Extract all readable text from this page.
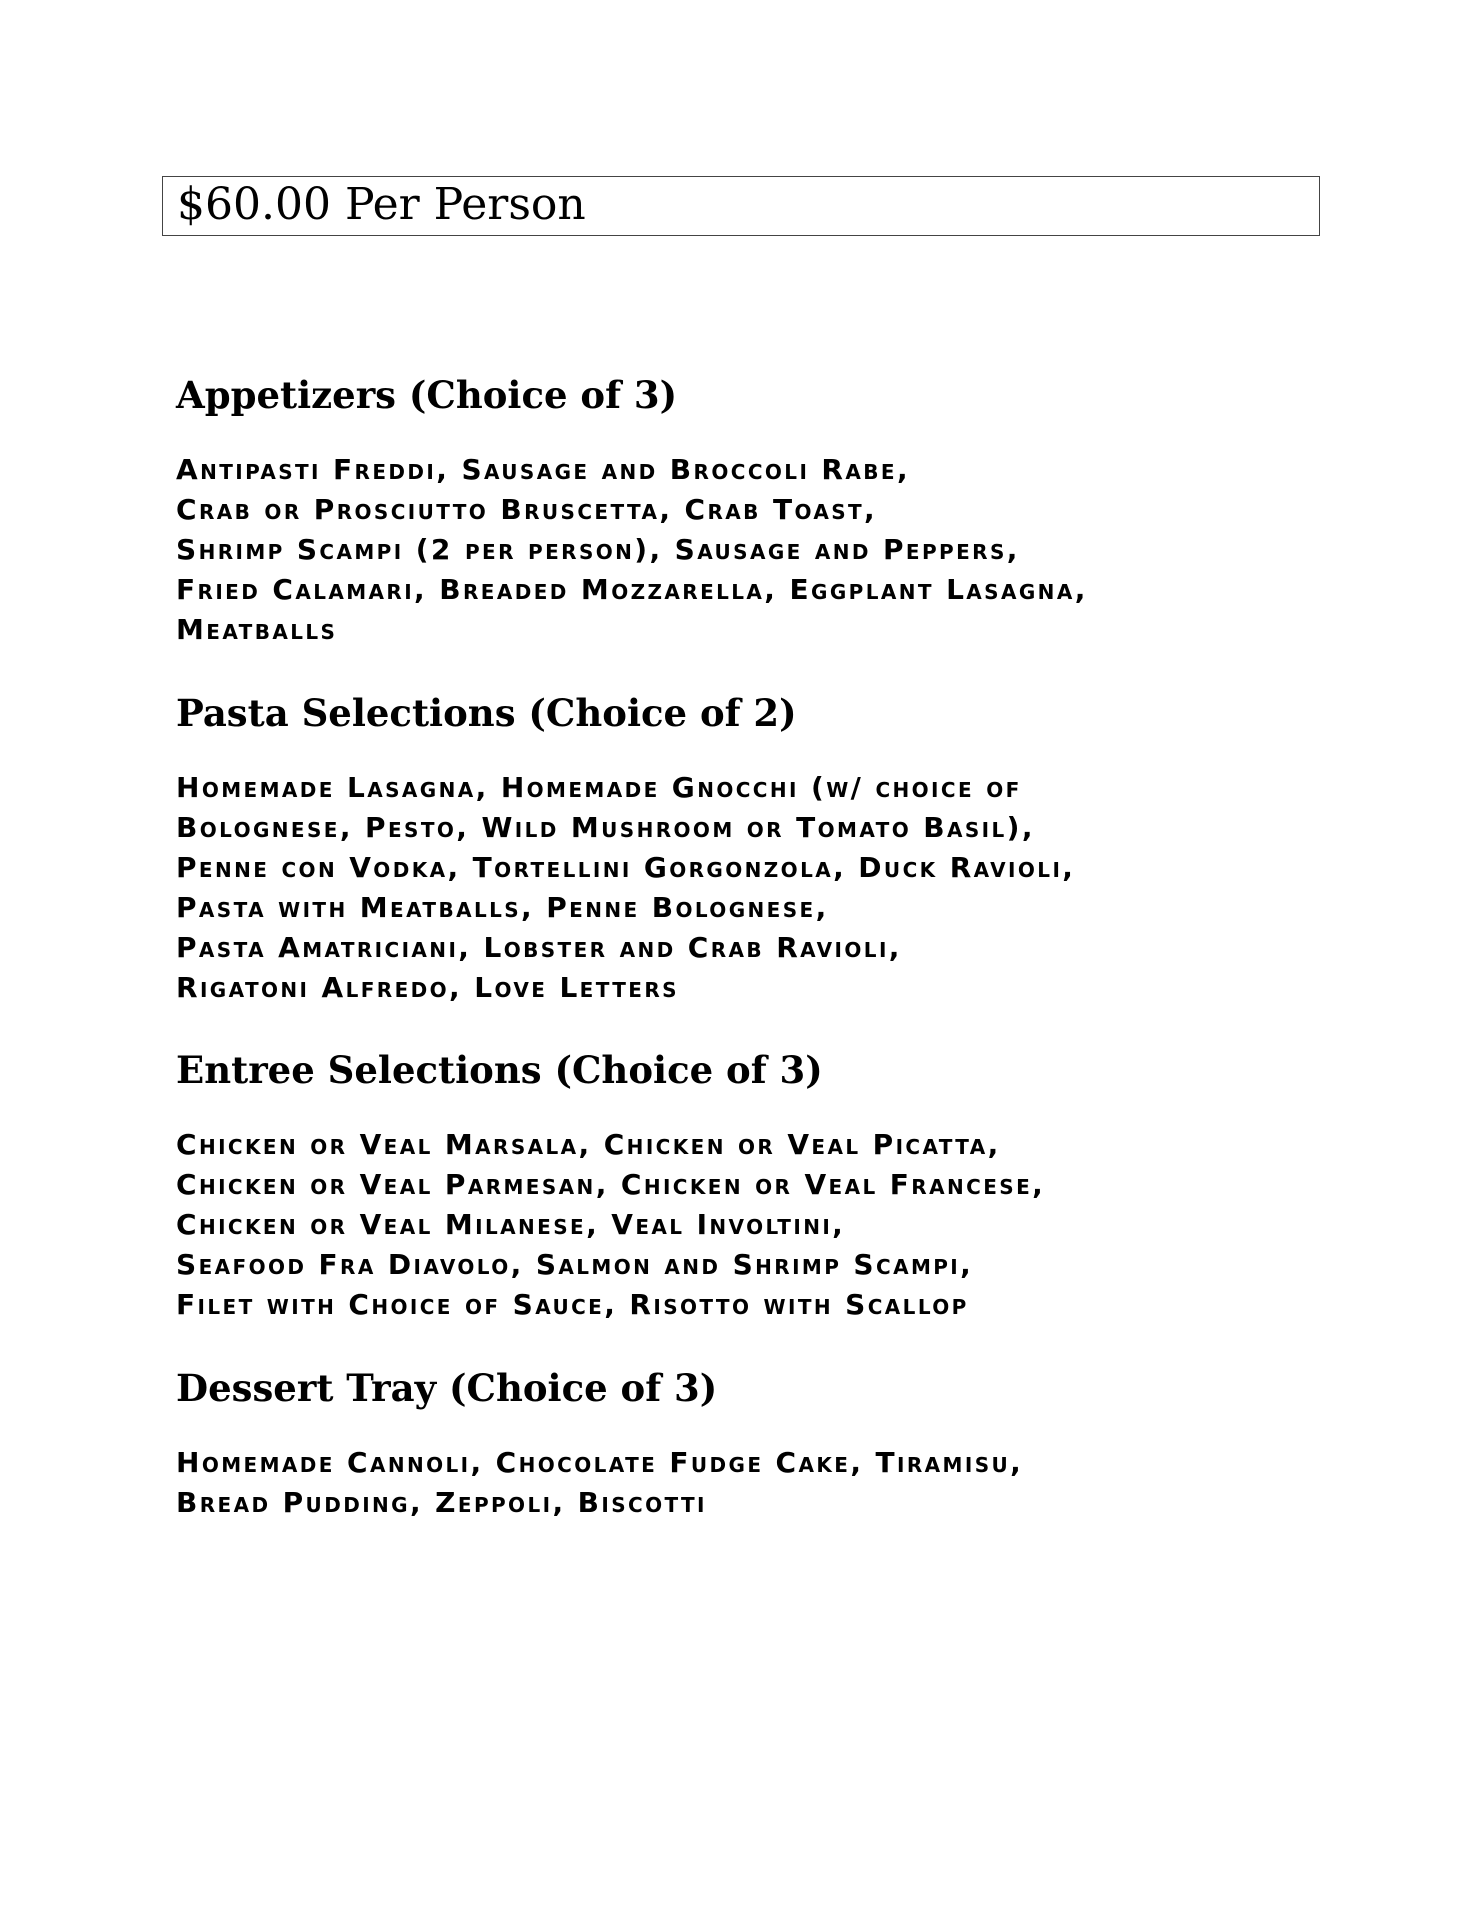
$60.00 Per Person
Appetizers (Choice of 3)
Antipasti Freddi, Sausage and Broccoli Rabe,
Crab or Prosciutto Bruscetta, Crab Toast,
Shrimp Scampi (2 per person), Sausage and Peppers,
Fried Calamari, Breaded Mozzarella, Eggplant Lasagna,
Meatballs
Pasta Selections (Choice of 2)
Homemade Lasagna, Homemade Gnocchi (w/ choice of
Bolognese, Pesto, Wild Mushroom or Tomato Basil),
Penne con Vodka, Tortellini Gorgonzola, Duck Ravioli,
Pasta with Meatballs, Penne Bolognese,
Pasta Amatriciani, Lobster and Crab Ravioli,
Rigatoni Alfredo, Love Letters
Entree Selections (Choice of 3)
Chicken or Veal Marsala, Chicken or Veal Picatta,
Chicken or Veal Parmesan, Chicken or Veal Francese,
Chicken or Veal Milanese, Veal Involtini,
Seafood Fra Diavolo, Salmon and Shrimp Scampi,
Filet with Choice of Sauce, Risotto with Scallop
Dessert Tray (Choice of 3)
Homemade Cannoli, Chocolate Fudge Cake, Tiramisu,
Bread Pudding, Zeppoli, Biscotti
